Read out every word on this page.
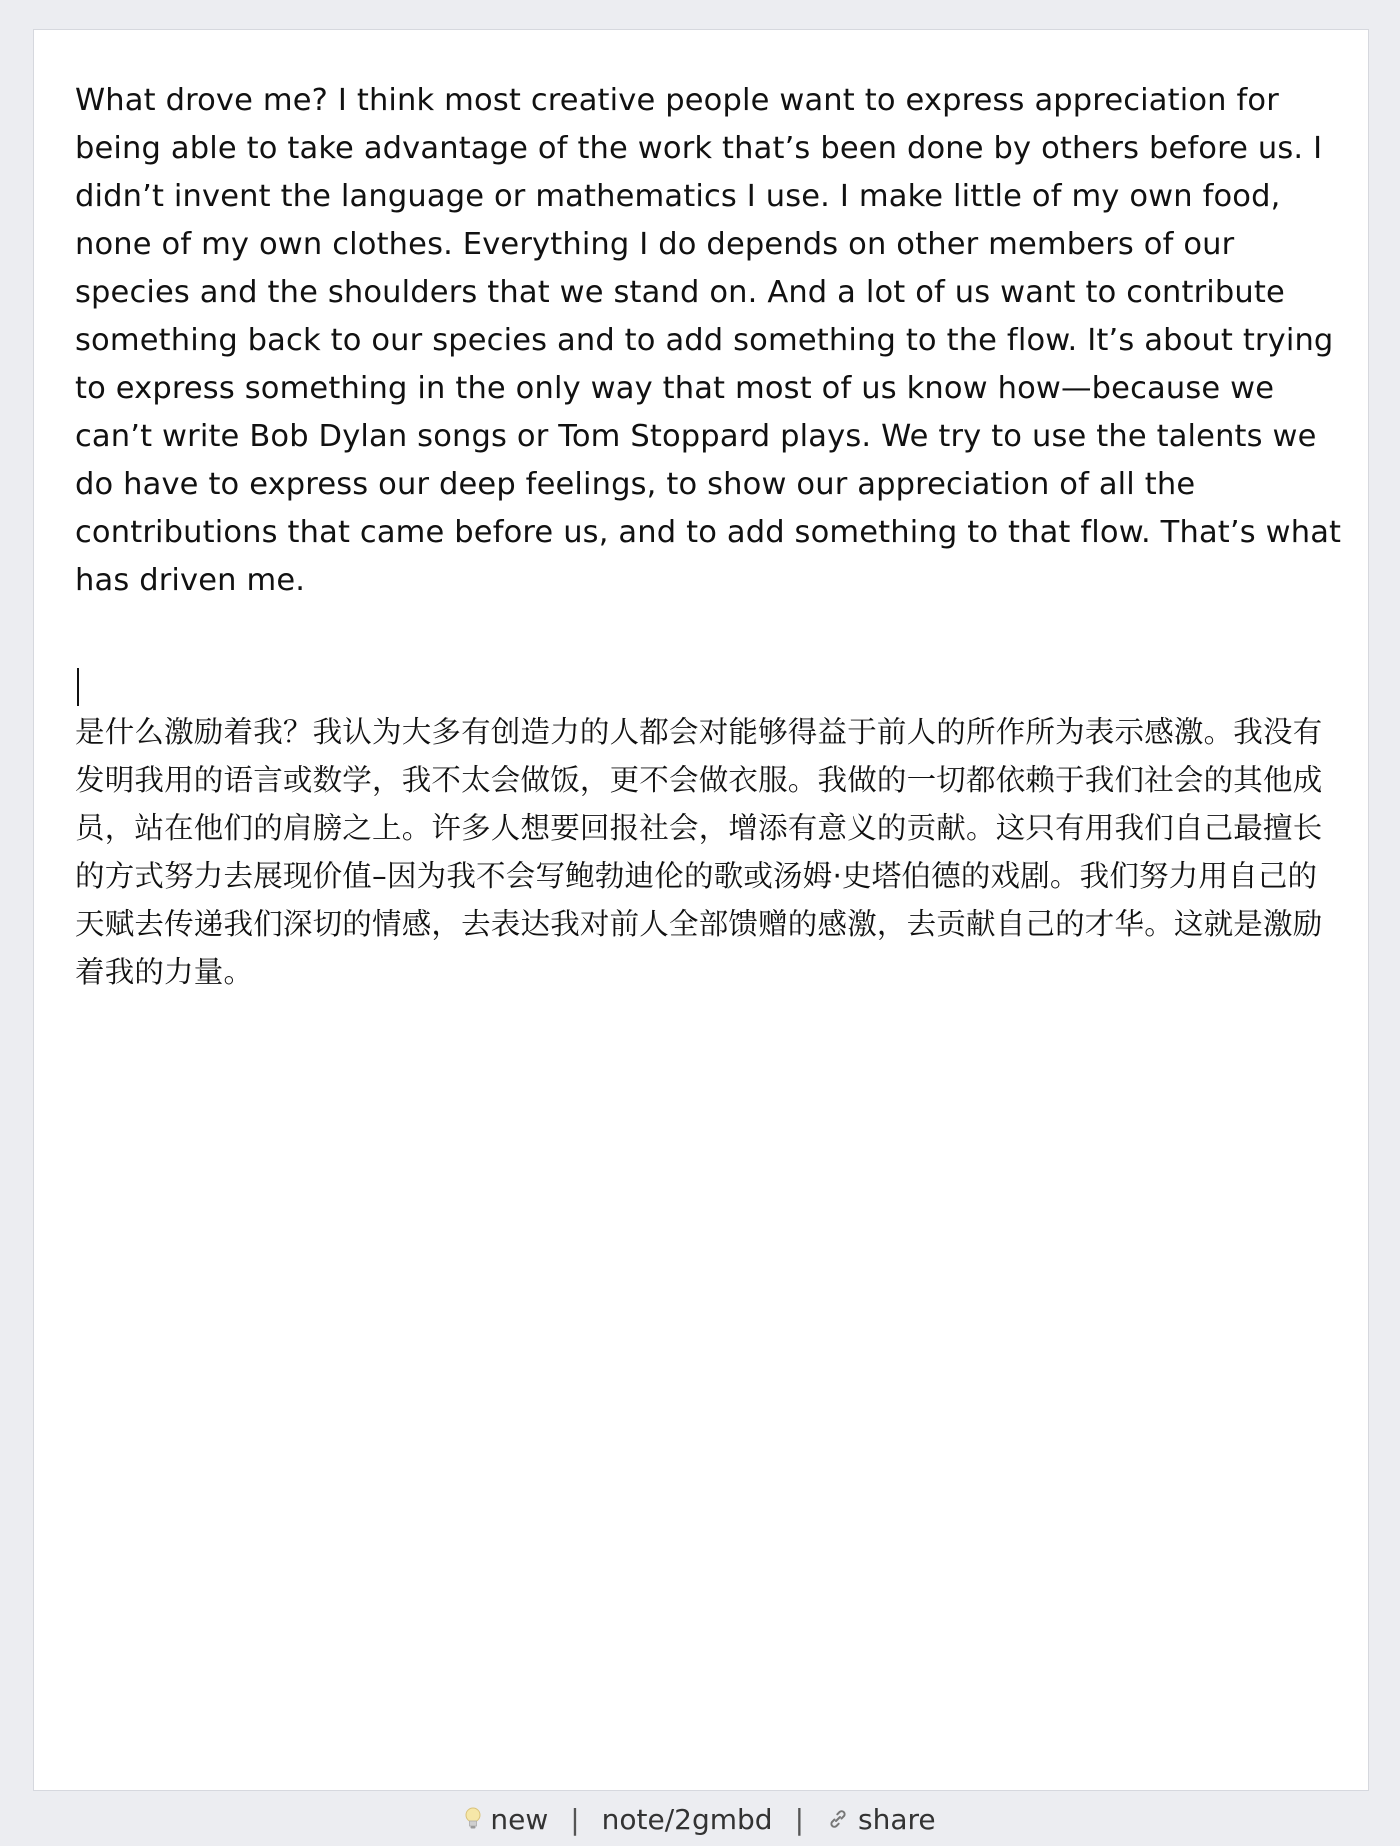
What drove me? I think most creative people want to express appreciation for being able to take advantage of the work that’s been done by others before us. I didn’t invent the language or mathematics I use. I make little of my own food, none of my own clothes. Everything I do depends on other members of our species and the shoulders that we stand on. And a lot of us want to contribute something back to our species and to add something to the flow. It’s about trying to express something in the only way that most of us know how—because we can’t write Bob Dylan songs or Tom Stoppard plays. We try to use the talents we do have to express our deep feelings, to show our appreciation of all the contributions that came before us, and to add something to that flow. That’s what has driven me.

是什么激励着我？我认为大多有创造力的人都会对能够得益于前人的所作所为表示感激。我没有发明我用的语言或数学，我不太会做饭，更不会做衣服。我做的一切都依赖于我们社会的其他成员，站在他们的肩膀之上。许多人想要回报社会，增添有意义的贡献。这只有用我们自己最擅长的方式努力去展现价值–因为我不会写鲍勃迪伦的歌或汤姆·史塔伯德的戏剧。我们努力用自己的天赋去传递我们深切的情感，去表达我对前人全部馈赠的感激，去贡献自己的才华。这就是激励着我的力量。

new | note/2gmbd | share
